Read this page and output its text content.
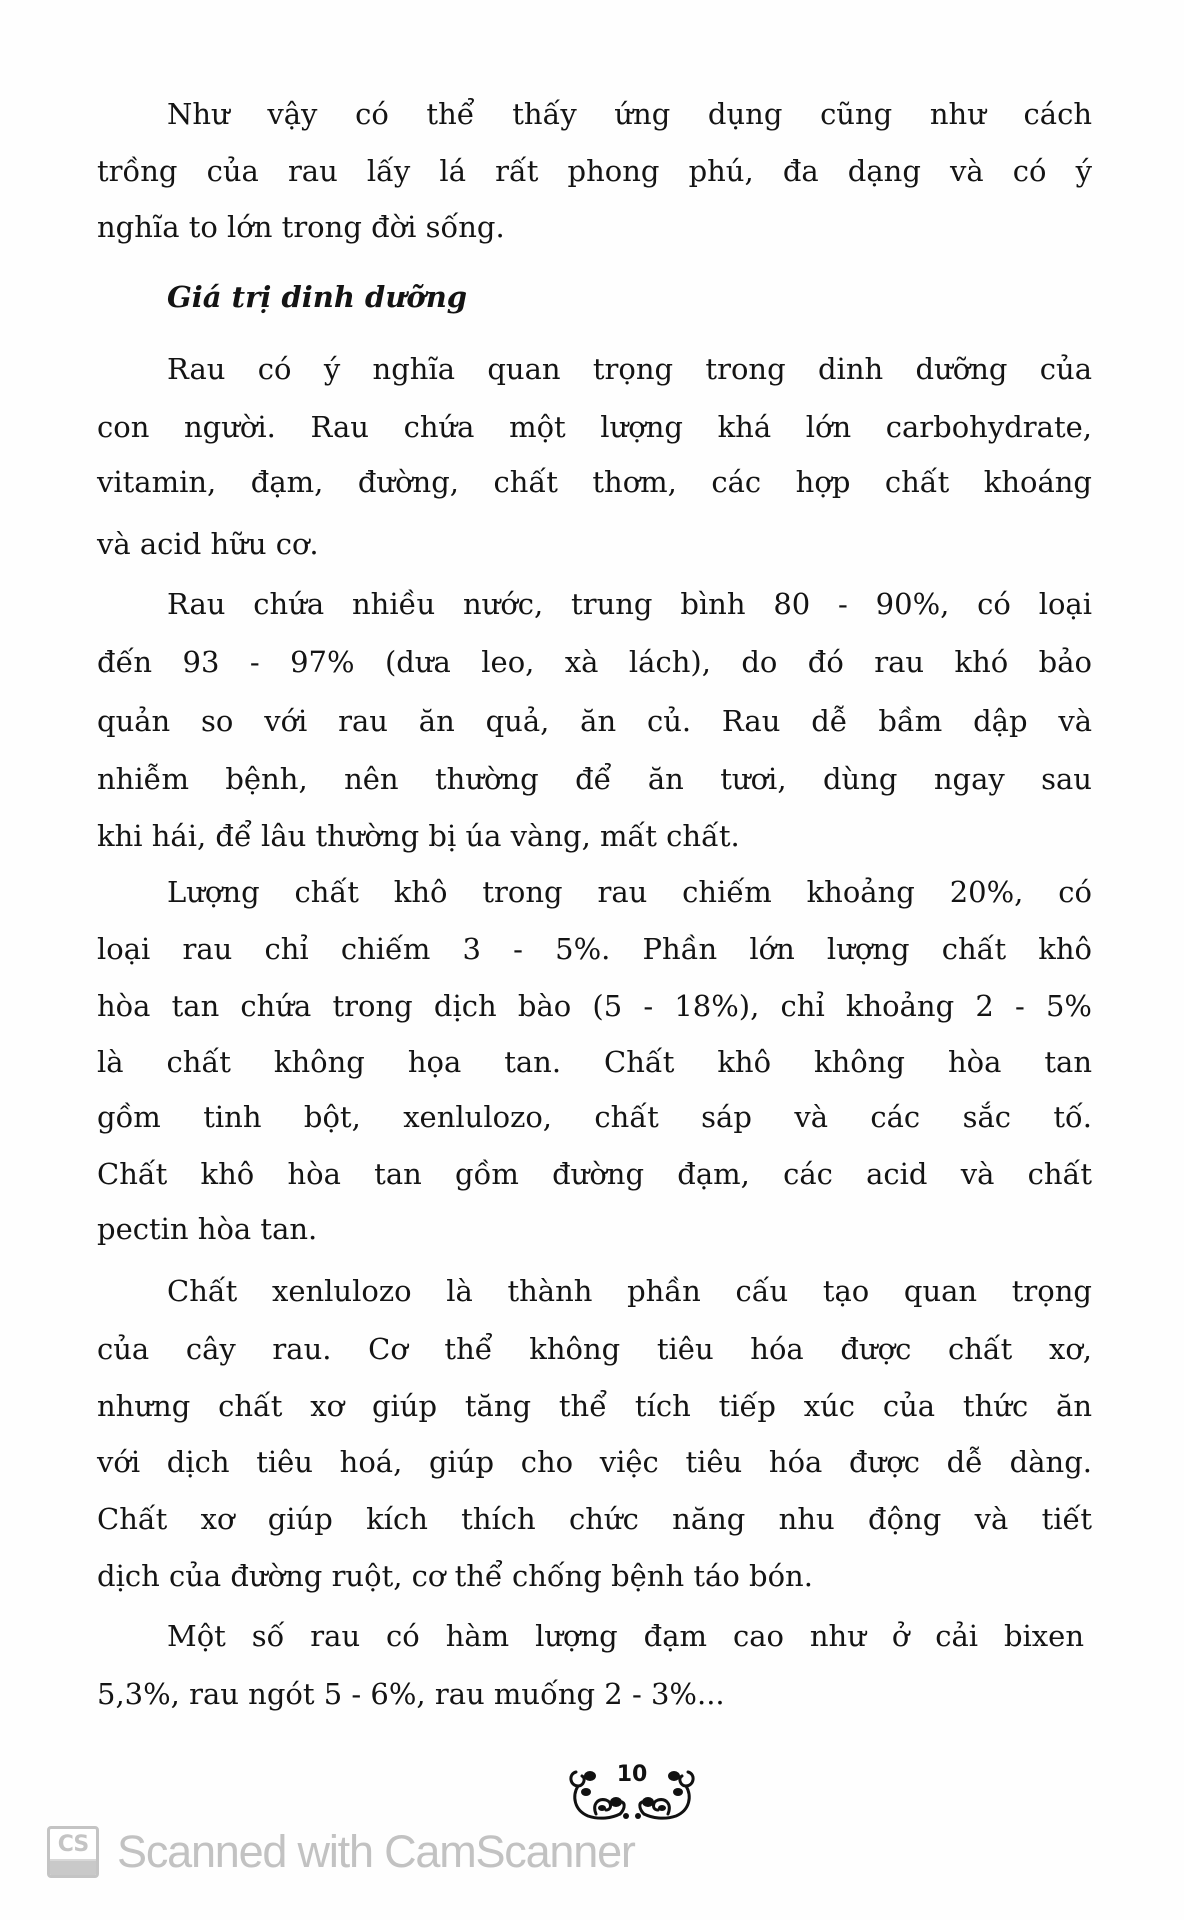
Như vậy có thể thấy ứng dụng cũng như cách
trồng của rau lấy lá rất phong phú, đa dạng và có ý
nghĩa to lớn trong đời sống.
Giá trị dinh dưỡng
Rau có ý nghĩa quan trọng trong dinh dưỡng của
con người. Rau chứa một lượng khá lớn carbohydrate,
vitamin, đạm, đường, chất thơm, các hợp chất khoáng
và acid hữu cơ.
Rau chứa nhiều nước, trung bình 80 - 90%, có loại
đến 93 - 97% (dưa leo, xà lách), do đó rau khó bảo
quản so với rau ăn quả, ăn củ. Rau dễ bầm dập và
nhiễm bệnh, nên thường để ăn tươi, dùng ngay sau
khi hái, để lâu thường bị úa vàng, mất chất.
Lượng chất khô trong rau chiếm khoảng 20%, có
loại rau chỉ chiếm 3 - 5%. Phần lớn lượng chất khô
hòa tan chứa trong dịch bào (5 - 18%), chỉ khoảng 2 - 5%
là chất không họa tan. Chất khô không hòa tan
gồm tinh bột, xenlulozo, chất sáp và các sắc tố.
Chất khô hòa tan gồm đường đạm, các acid và chất
pectin hòa tan.
Chất xenlulozo là thành phần cấu tạo quan trọng
của cây rau. Cơ thể không tiêu hóa được chất xơ,
nhưng chất xơ giúp tăng thể tích tiếp xúc của thức ăn
với dịch tiêu hoá, giúp cho việc tiêu hóa được dễ dàng.
Chất xơ giúp kích thích chức năng nhu động và tiết
dịch của đường ruột, cơ thể chống bệnh táo bón.
Một số rau có hàm lượng đạm cao như ở cải bixen
5,3%, rau ngót 5 - 6%, rau muống 2 - 3%...
10
CS Scanned with CamScanner
